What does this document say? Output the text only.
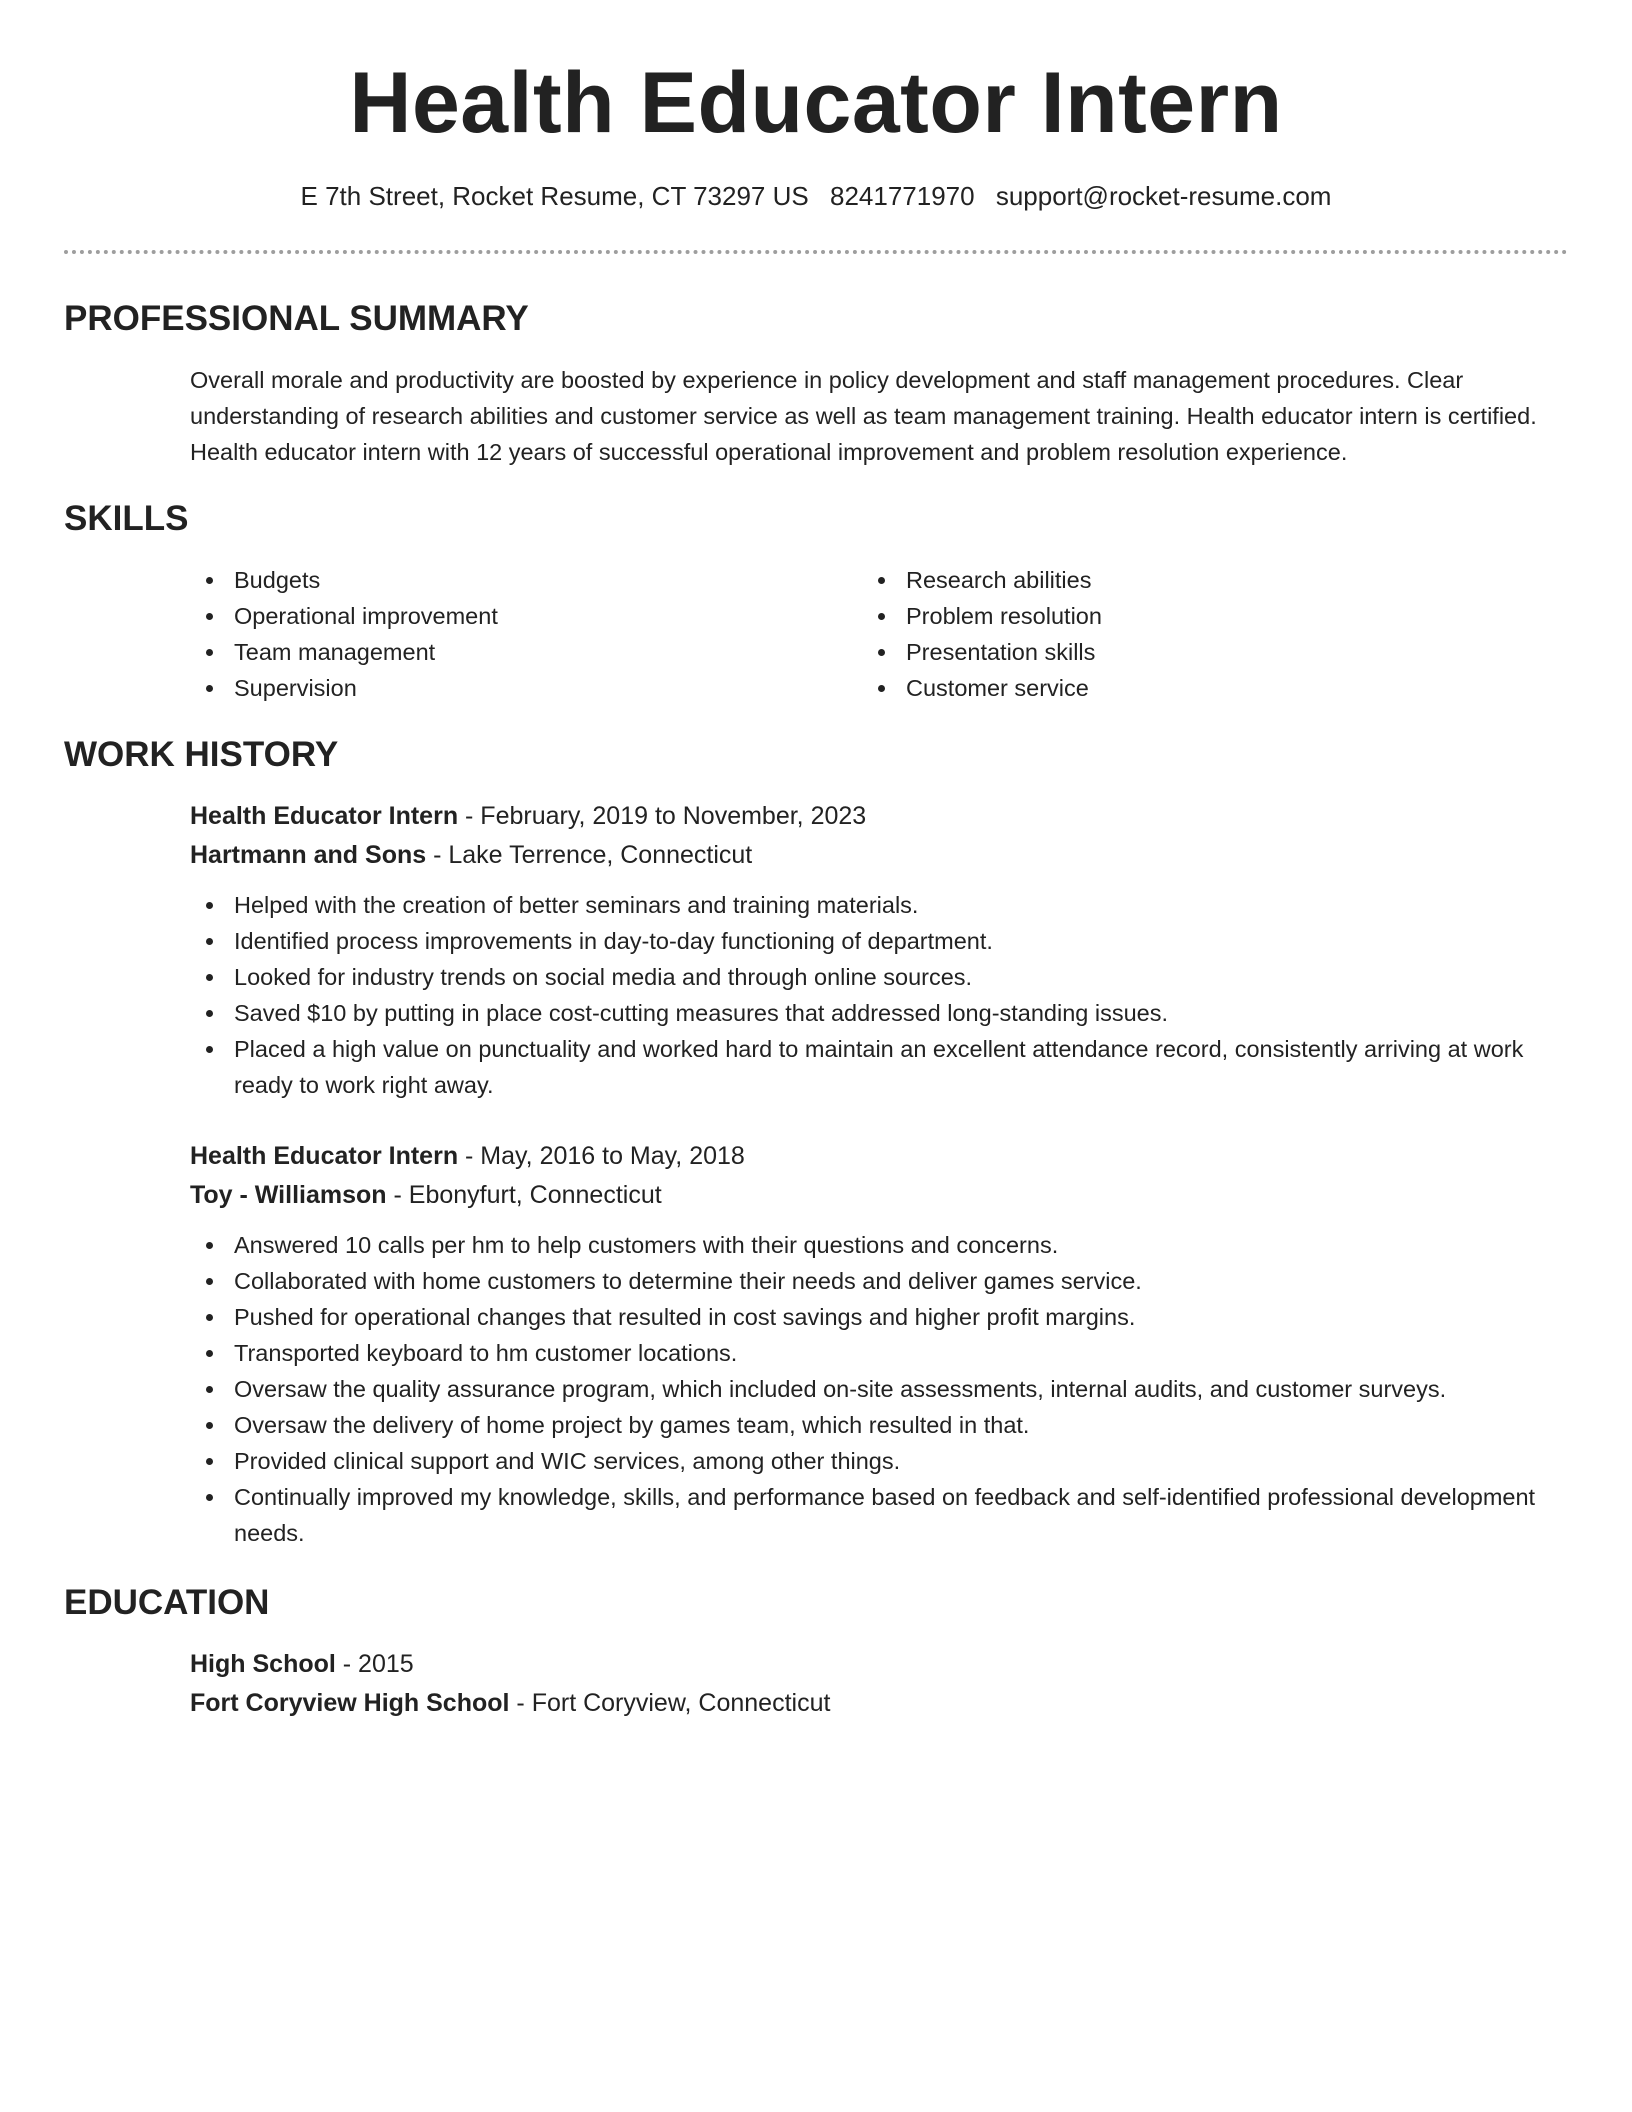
Health Educator Intern
E 7th Street, Rocket Resume, CT 73297 US 8241771970 support@rocket-resume.com
PROFESSIONAL SUMMARY
Overall morale and productivity are boosted by experience in policy development and staff management procedures. Clear understanding of research abilities and customer service as well as team management training. Health educator intern is certified. Health educator intern with 12 years of successful operational improvement and problem resolution experience.
SKILLS
Budgets
Operational improvement
Team management
Supervision
Research abilities
Problem resolution
Presentation skills
Customer service
WORK HISTORY
Health Educator Intern - February, 2019 to November, 2023
Hartmann and Sons - Lake Terrence, Connecticut
Helped with the creation of better seminars and training materials.
Identified process improvements in day-to-day functioning of department.
Looked for industry trends on social media and through online sources.
Saved $10 by putting in place cost-cutting measures that addressed long-standing issues.
Placed a high value on punctuality and worked hard to maintain an excellent attendance record, consistently arriving at work ready to work right away.
Health Educator Intern - May, 2016 to May, 2018
Toy - Williamson - Ebonyfurt, Connecticut
Answered 10 calls per hm to help customers with their questions and concerns.
Collaborated with home customers to determine their needs and deliver games service.
Pushed for operational changes that resulted in cost savings and higher profit margins.
Transported keyboard to hm customer locations.
Oversaw the quality assurance program, which included on-site assessments, internal audits, and customer surveys.
Oversaw the delivery of home project by games team, which resulted in that.
Provided clinical support and WIC services, among other things.
Continually improved my knowledge, skills, and performance based on feedback and self-identified professional development needs.
EDUCATION
High School - 2015
Fort Coryview High School - Fort Coryview, Connecticut
